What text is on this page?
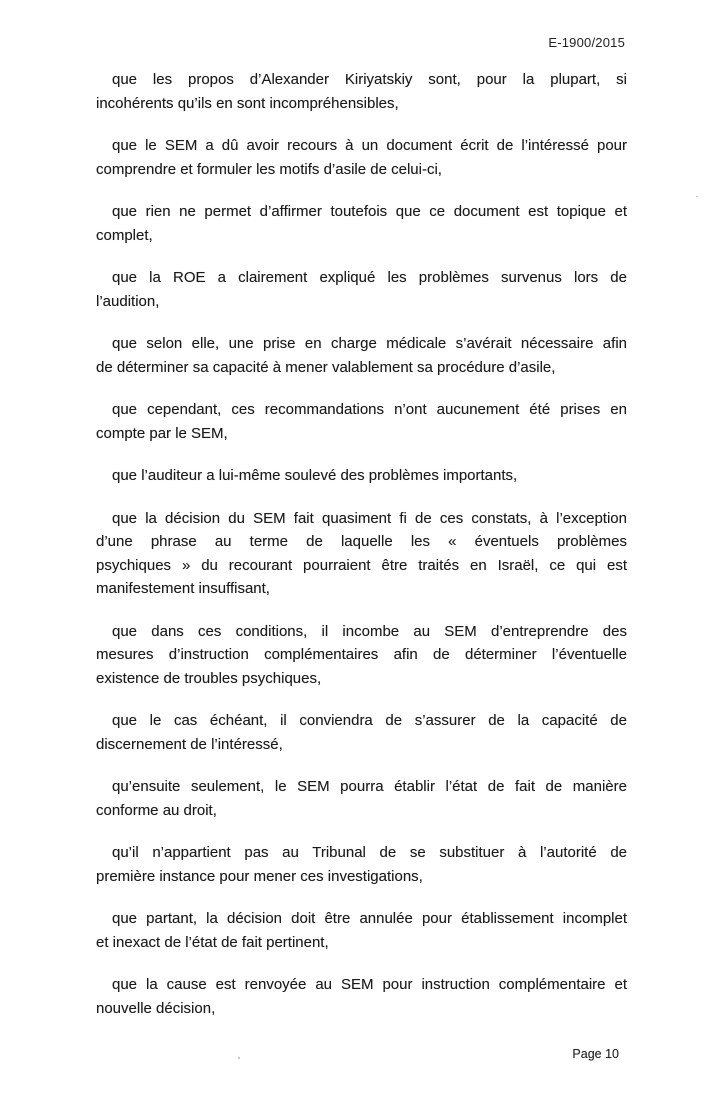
E-1900/2015
que les propos d’Alexander Kiriyatskiy sont, pour la plupart, si
incohérents qu’ils en sont incompréhensibles,
que le SEM a dû avoir recours à un document écrit de l’intéressé pour
comprendre et formuler les motifs d’asile de celui-ci,
que rien ne permet d’affirmer toutefois que ce document est topique et
complet,
que la ROE a clairement expliqué les problèmes survenus lors de
l’audition,
que selon elle, une prise en charge médicale s’avérait nécessaire afin
de déterminer sa capacité à mener valablement sa procédure d’asile,
que cependant, ces recommandations n’ont aucunement été prises en
compte par le SEM,
que l’auditeur a lui-même soulevé des problèmes importants,
que la décision du SEM fait quasiment fi de ces constats, à l’exception
d’une phrase au terme de laquelle les « éventuels problèmes
psychiques » du recourant pourraient être traités en Israël, ce qui est
manifestement insuffisant,
que dans ces conditions, il incombe au SEM d’entreprendre des
mesures d’instruction complémentaires afin de déterminer l’éventuelle
existence de troubles psychiques,
que le cas échéant, il conviendra de s’assurer de la capacité de
discernement de l’intéressé,
qu’ensuite seulement, le SEM pourra établir l’état de fait de manière
conforme au droit,
qu’il n’appartient pas au Tribunal de se substituer à l’autorité de
première instance pour mener ces investigations,
que partant, la décision doit être annulée pour établissement incomplet
et inexact de l’état de fait pertinent,
que la cause est renvoyée au SEM pour instruction complémentaire et
nouvelle décision,
Page 10
